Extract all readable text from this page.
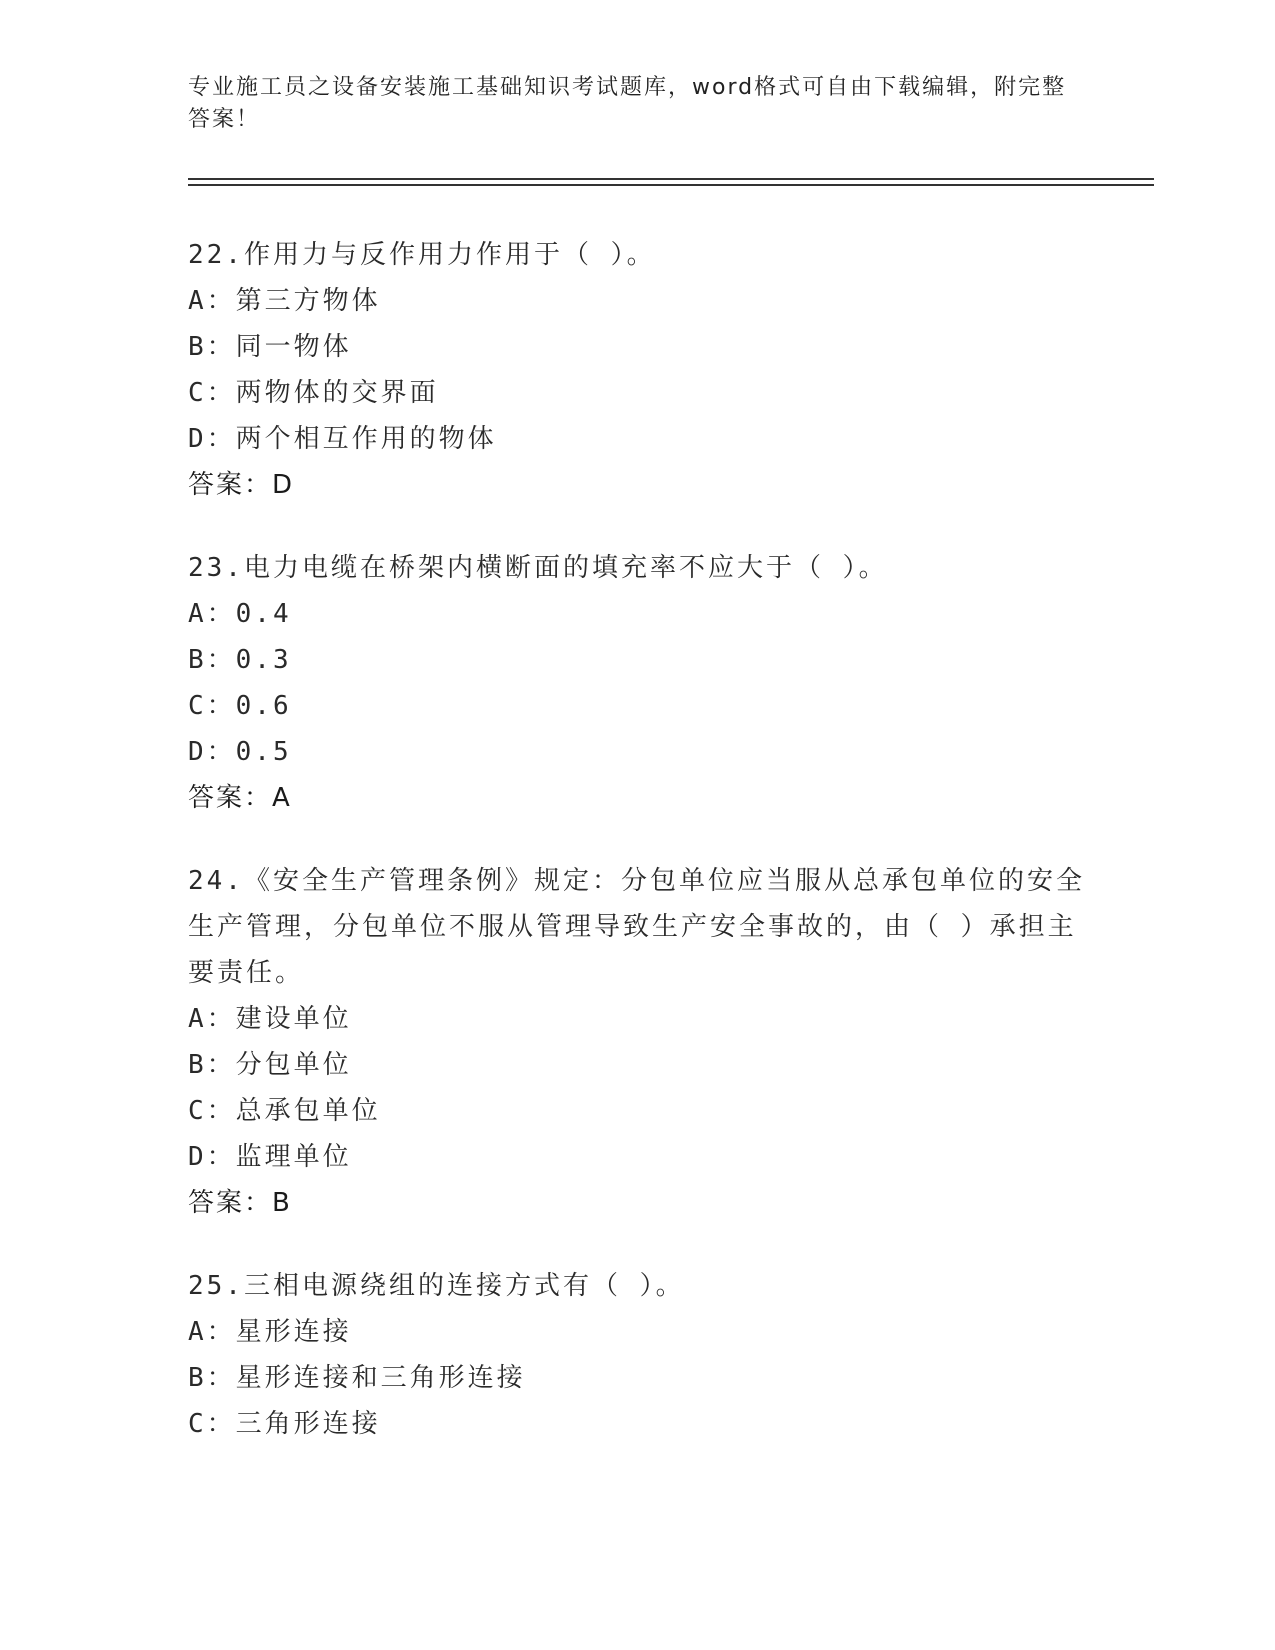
专业施工员之设备安装施工基础知识考试题库，word格式可自由下载编辑，附完整答案！
22.作用力与反作用力作用于（ ）。
A：第三方物体
B：同一物体
C：两物体的交界面
D：两个相互作用的物体
答案：D
23.电力电缆在桥架内横断面的填充率不应大于（ ）。
A：0.4
B：0.3
C：0.6
D：0.5
答案：A
24.《安全生产管理条例》规定：分包单位应当服从总承包单位的安全生产管理，分包单位不服从管理导致生产安全事故的，由（ ）承担主要责任。
A：建设单位
B：分包单位
C：总承包单位
D：监理单位
答案：B
25.三相电源绕组的连接方式有（ ）。
A：星形连接
B：星形连接和三角形连接
C：三角形连接
